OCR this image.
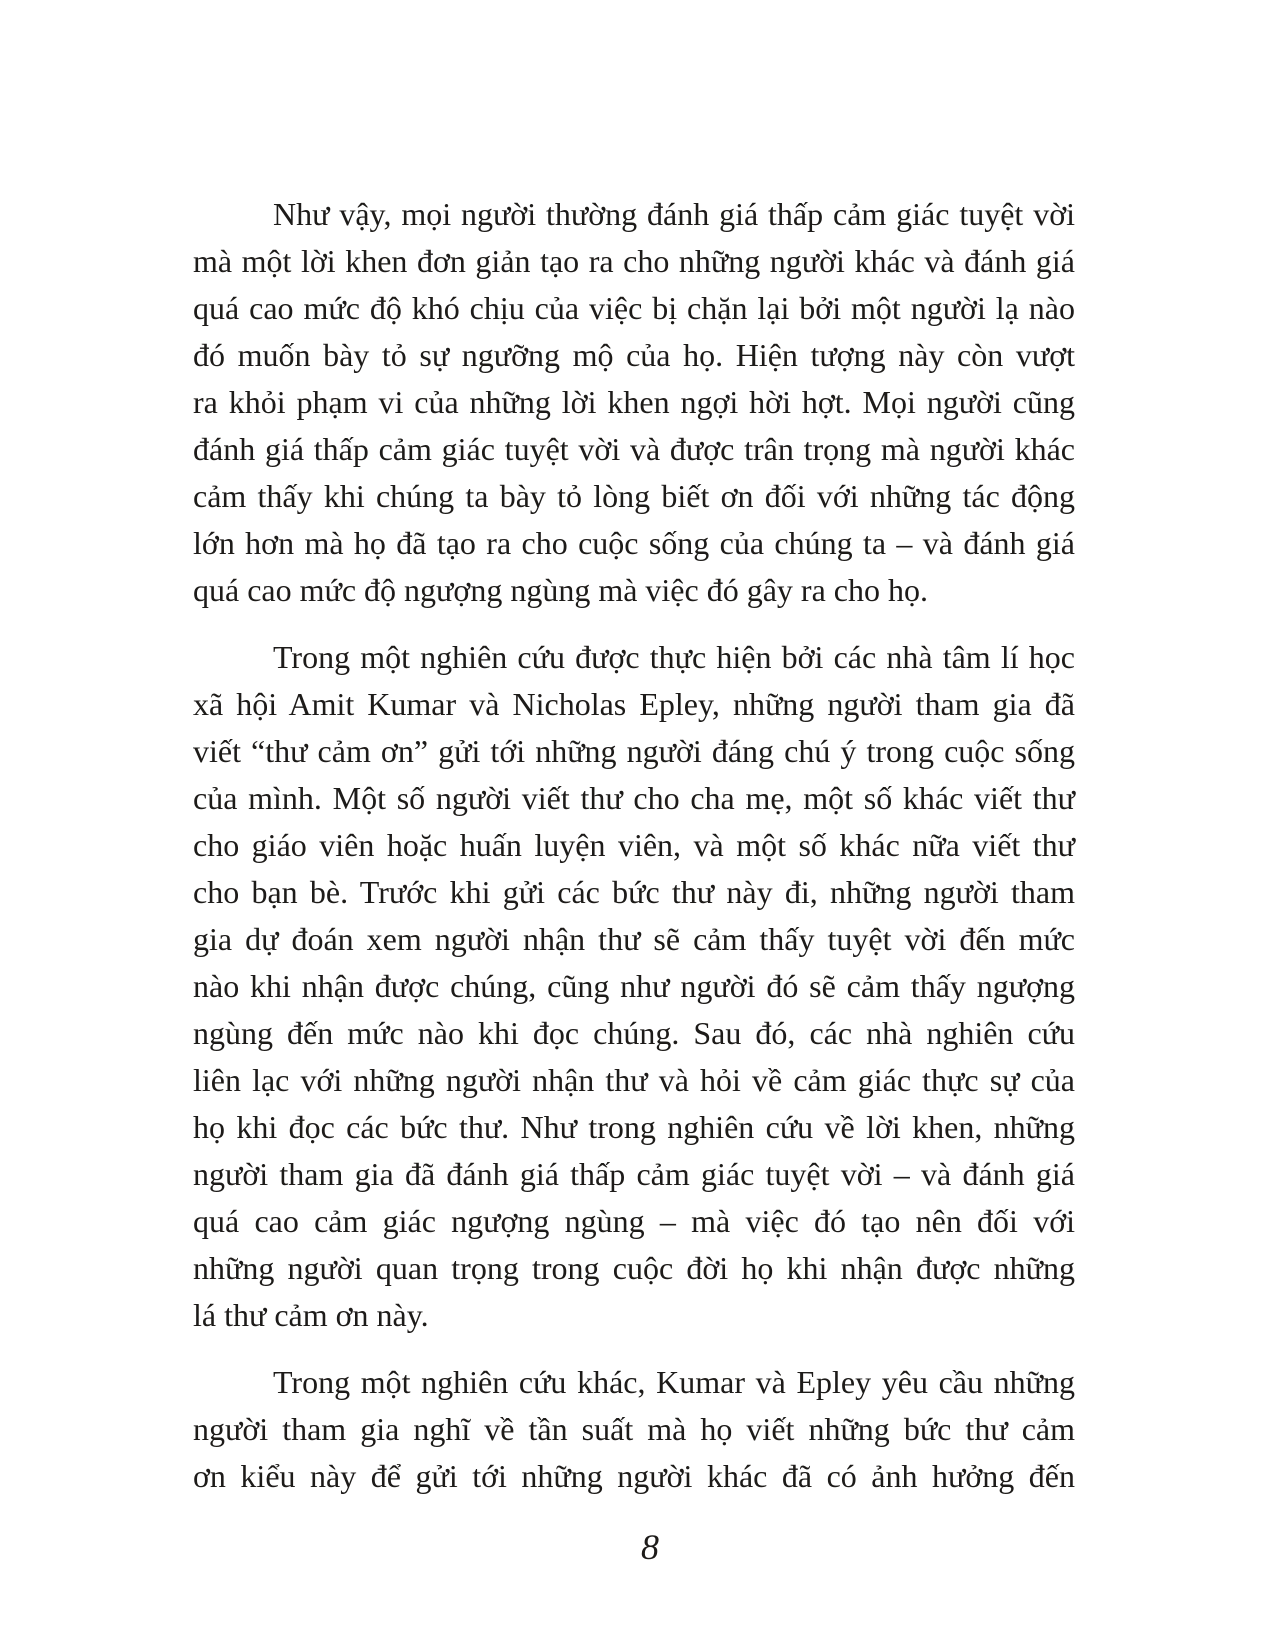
Như vậy, mọi người thường đánh giá thấp cảm giác tuyệt vời

mà một lời khen đơn giản tạo ra cho những người khác và đánh giá

quá cao mức độ khó chịu của việc bị chặn lại bởi một người lạ nào

đó muốn bày tỏ sự ngưỡng mộ của họ. Hiện tượng này còn vượt

ra khỏi phạm vi của những lời khen ngợi hời hợt. Mọi người cũng

đánh giá thấp cảm giác tuyệt vời và được trân trọng mà người khác

cảm thấy khi chúng ta bày tỏ lòng biết ơn đối với những tác động

lớn hơn mà họ đã tạo ra cho cuộc sống của chúng ta – và đánh giá

quá cao mức độ ngượng ngùng mà việc đó gây ra cho họ.

Trong một nghiên cứu được thực hiện bởi các nhà tâm lí học

xã hội Amit Kumar và Nicholas Epley, những người tham gia đã

viết “thư cảm ơn” gửi tới những người đáng chú ý trong cuộc sống

của mình. Một số người viết thư cho cha mẹ, một số khác viết thư

cho giáo viên hoặc huấn luyện viên, và một số khác nữa viết thư

cho bạn bè. Trước khi gửi các bức thư này đi, những người tham

gia dự đoán xem người nhận thư sẽ cảm thấy tuyệt vời đến mức

nào khi nhận được chúng, cũng như người đó sẽ cảm thấy ngượng

ngùng đến mức nào khi đọc chúng. Sau đó, các nhà nghiên cứu

liên lạc với những người nhận thư và hỏi về cảm giác thực sự của

họ khi đọc các bức thư. Như trong nghiên cứu về lời khen, những

người tham gia đã đánh giá thấp cảm giác tuyệt vời – và đánh giá

quá cao cảm giác ngượng ngùng – mà việc đó tạo nên đối với

những người quan trọng trong cuộc đời họ khi nhận được những

lá thư cảm ơn này.

Trong một nghiên cứu khác, Kumar và Epley yêu cầu những

người tham gia nghĩ về tần suất mà họ viết những bức thư cảm

ơn kiểu này để gửi tới những người khác đã có ảnh hưởng đến

8
